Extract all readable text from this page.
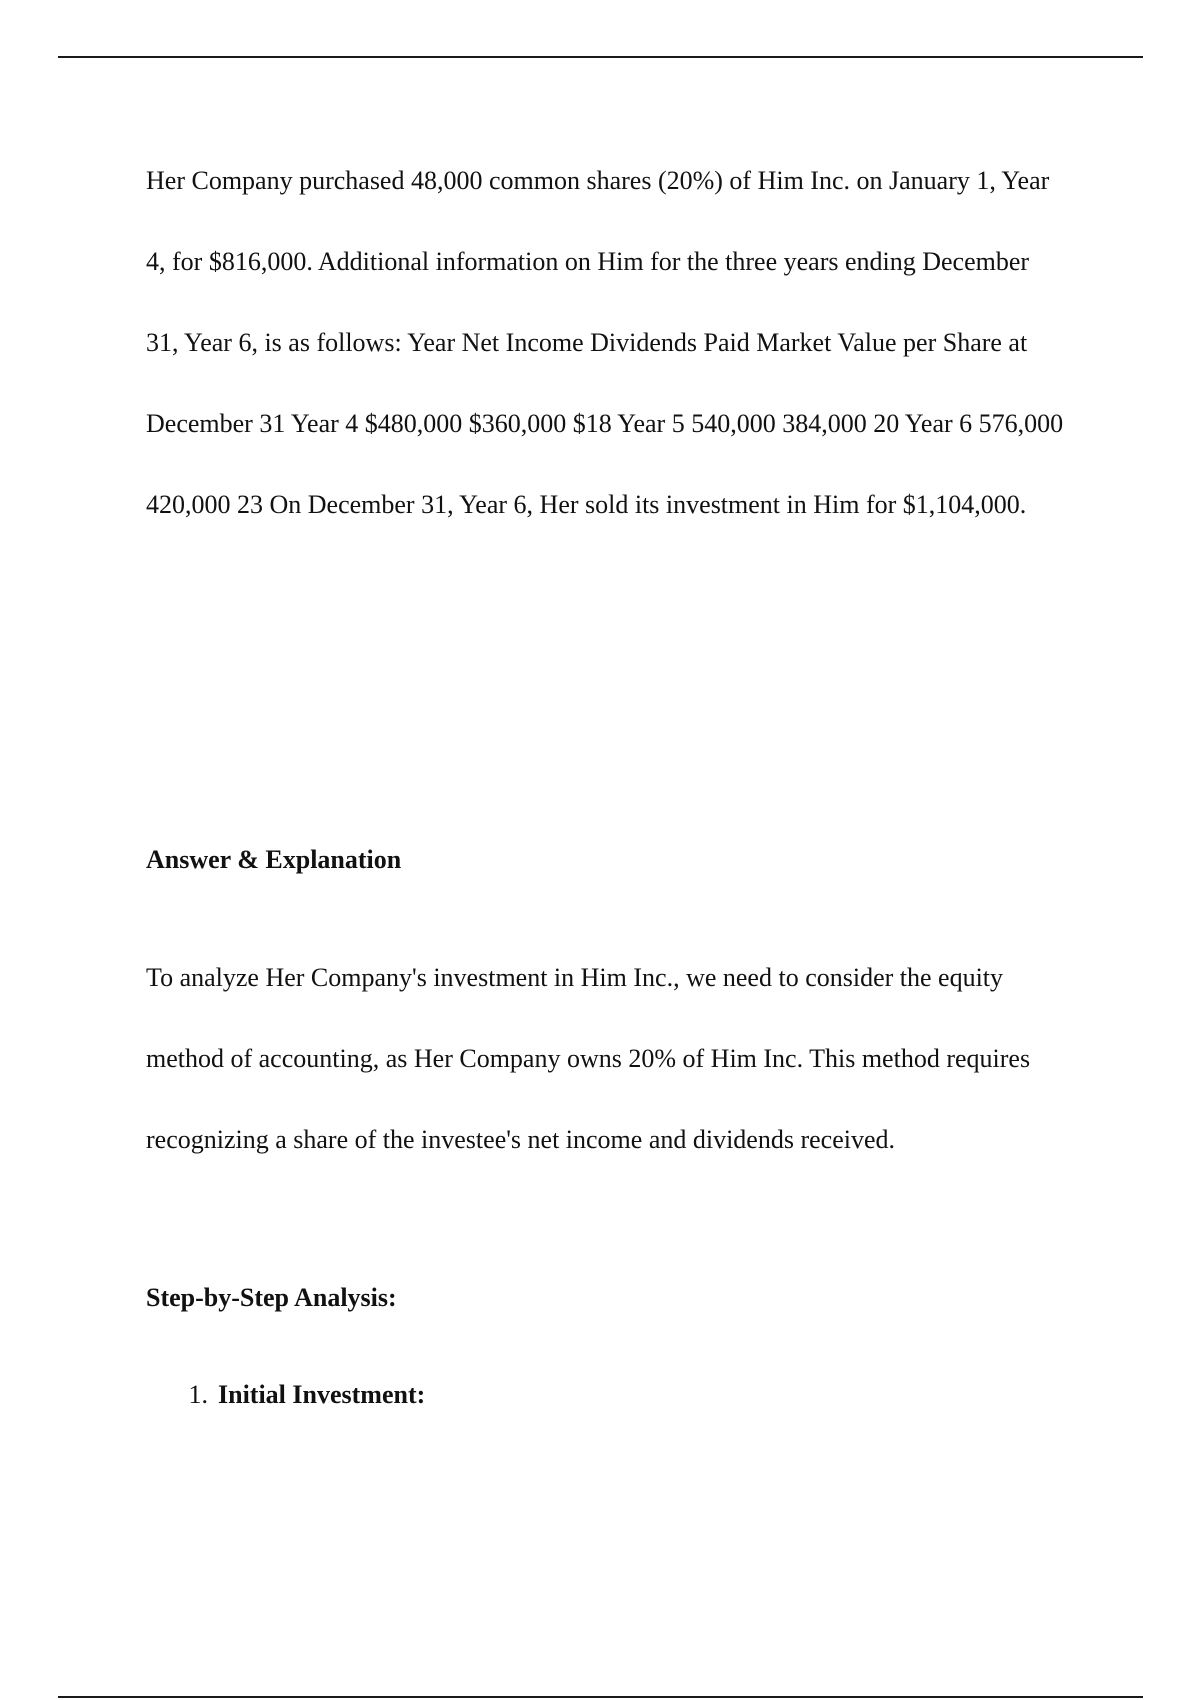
Her Company purchased 48,000 common shares (20%) of Him Inc. on January 1, Year 4, for $816,000. Additional information on Him for the three years ending December 31, Year 6, is as follows: Year Net Income Dividends Paid Market Value per Share at December 31 Year 4 $480,000 $360,000 $18 Year 5 540,000 384,000 20 Year 6 576,000 420,000 23 On December 31, Year 6, Her sold its investment in Him for $1,104,000.

Answer & Explanation

To analyze Her Company's investment in Him Inc., we need to consider the equity method of accounting, as Her Company owns 20% of Him Inc. This method requires recognizing a share of the investee's net income and dividends received.

Step-by-Step Analysis:
1. Initial Investment:
